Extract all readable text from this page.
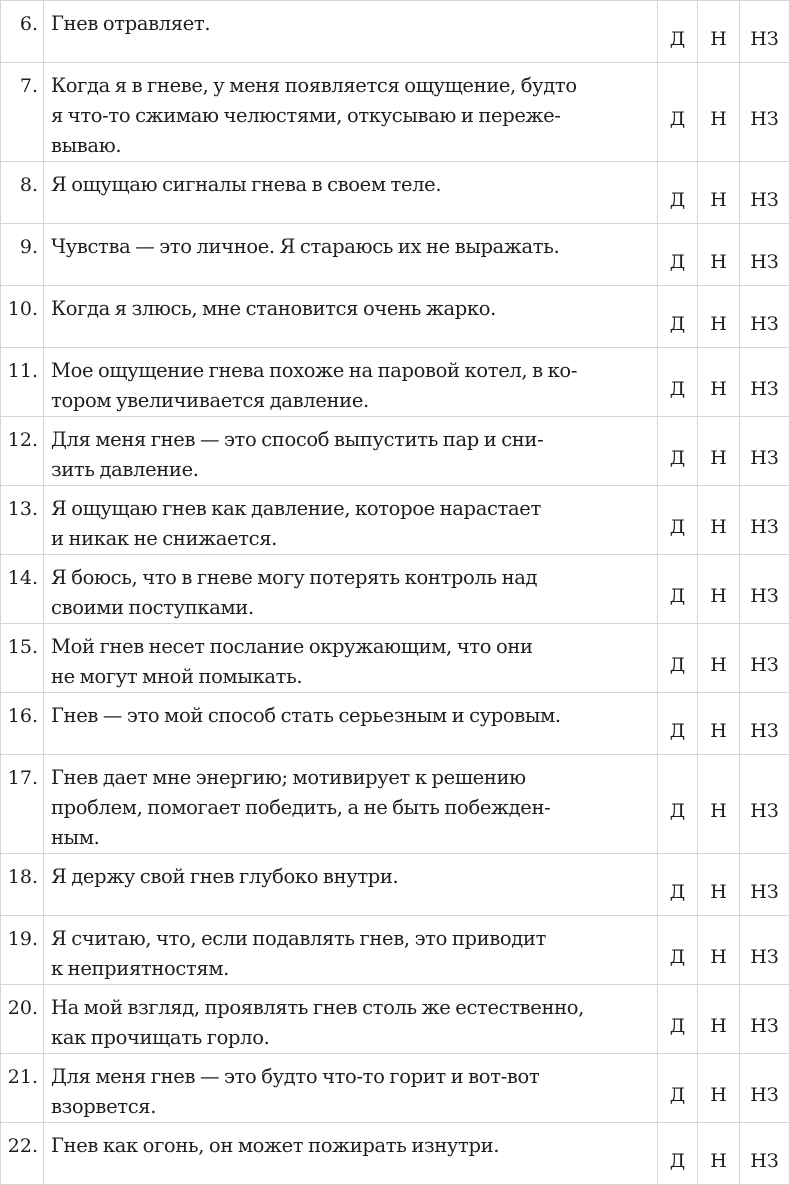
6.	Гнев отравляет.	Д	Н	НЗ
7.	Когда я в гневе, у меня появляется ощущение, будто
я что-то сжимаю челюстями, откусываю и переже-
вываю.	Д	Н	НЗ
8.	Я ощущаю сигналы гнева в своем теле.	Д	Н	НЗ
9.	Чувства — это личное. Я стараюсь их не выражать.	Д	Н	НЗ
10.	Когда я злюсь, мне становится очень жарко.	Д	Н	НЗ
11.	Мое ощущение гнева похоже на паровой котел, в ко-
тором увеличивается давление.	Д	Н	НЗ
12.	Для меня гнев — это способ выпустить пар и сни-
зить давление.	Д	Н	НЗ
13.	Я ощущаю гнев как давление, которое нарастает
и никак не снижается.	Д	Н	НЗ
14.	Я боюсь, что в гневе могу потерять контроль над
своими поступками.	Д	Н	НЗ
15.	Мой гнев несет послание окружающим, что они
не могут мной помыкать.	Д	Н	НЗ
16.	Гнев — это мой способ стать серьезным и суровым.	Д	Н	НЗ
17.	Гнев дает мне энергию; мотивирует к решению
проблем, помогает победить, а не быть побежден-
ным.	Д	Н	НЗ
18.	Я держу свой гнев глубоко внутри.	Д	Н	НЗ
19.	Я считаю, что, если подавлять гнев, это приводит
к неприятностям.	Д	Н	НЗ
20.	На мой взгляд, проявлять гнев столь же естественно,
как прочищать горло.	Д	Н	НЗ
21.	Для меня гнев — это будто что-то горит и вот-вот
взорвется.	Д	Н	НЗ
22.	Гнев как огонь, он может пожирать изнутри.	Д	Н	НЗ
